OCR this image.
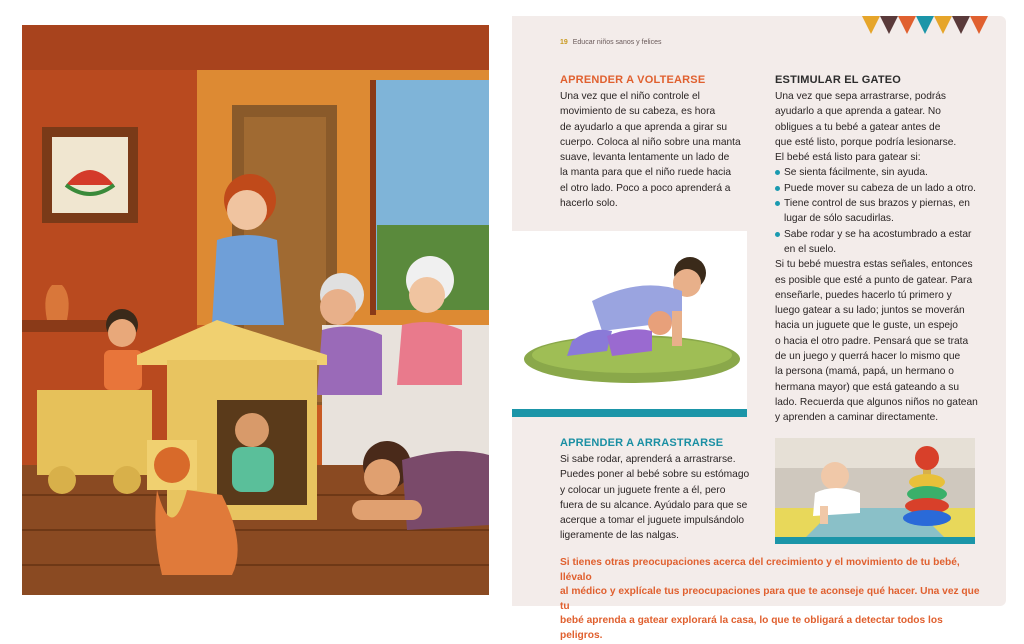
19 Educar niños sanos y felices
APRENDER A VOLTEARSE
Una vez que el niño controle el
movimiento de su cabeza, es hora
de ayudarlo a que aprenda a girar su
cuerpo. Coloca al niño sobre una manta
suave, levanta lentamente un lado de
la manta para que el niño ruede hacia
el otro lado. Poco a poco aprenderá a
hacerlo solo.
APRENDER A ARRASTRARSE
Si sabe rodar, aprenderá a arrastrarse.
Puedes poner al bebé sobre su estómago
y colocar un juguete frente a él, pero
fuera de su alcance. Ayúdalo para que se
acerque a tomar el juguete impulsándolo
ligeramente de las nalgas.
ESTIMULAR EL GATEO
Una vez que sepa arrastrarse, podrás
ayudarlo a que aprenda a gatear. No
obligues a tu bebé a gatear antes de
que esté listo, porque podría lesionarse.
El bebé está listo para gatear si:
Se sienta fácilmente, sin ayuda.
Puede mover su cabeza de un lado a otro.
Tiene control de sus brazos y piernas, en
lugar de sólo sacudirlas.
Sabe rodar y se ha acostumbrado a estar
en el suelo.
Si tu bebé muestra estas señales, entonces
es posible que esté a punto de gatear. Para
enseñarle, puedes hacerlo tú primero y
luego gatear a su lado; juntos se moverán
hacia un juguete que le guste, un espejo
o hacia el otro padre. Pensará que se trata
de un juego y querrá hacer lo mismo que
la persona (mamá, papá, un hermano o
hermana mayor) que está gateando a su
lado. Recuerda que algunos niños no gatean
y aprenden a caminar directamente.
Si tienes otras preocupaciones acerca del crecimiento y el movimiento de tu bebé, llévalo
al médico y explícale tus preocupaciones para que te aconseje qué hacer. Una vez que tu
bebé aprenda a gatear explorará la casa, lo que te obligará a detectar todos los peligros.
